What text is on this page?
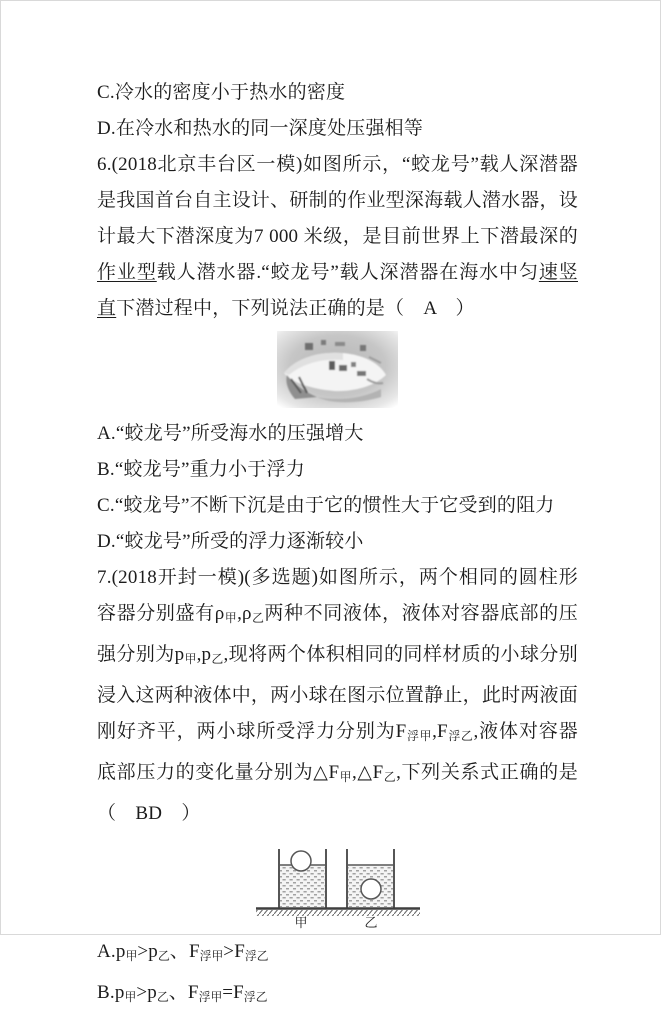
C.冷水的密度小于热水的密度

D.在冷水和热水的同一深度处压强相等

6.(2018北京丰台区一模)如图所示，“蛟龙号”载人深潜器是我国首台自主设计、研制的作业型深海载人潜水器，设计最大下潜深度为7 000 米级，是目前世界上下潜最深的作业型载人潜水器.“蛟龙号”载人深潜器在海水中匀速竖直下潜过程中，下列说法正确的是（　A　）

A.“蛟龙号”所受海水的压强增大

B.“蛟龙号”重力小于浮力

C.“蛟龙号”不断下沉是由于它的惯性大于它受到的阻力

D.“蛟龙号”所受的浮力逐渐较小

7.(2018开封一模)(多选题)如图所示，两个相同的圆柱形容器分别盛有$\rho_甲,\rho_乙$两种不同液体，液体对容器底部的压强分别为$p_甲,p_乙$,现将两个体积相同的同样材质的小球分别浸入这两种液体中，两小球在图示位置静止，此时两液面刚好齐平，两小球所受浮力分别为$F_{浮甲},F_{浮乙}$,液体对容器底部压力的变化量分别为$\triangle F_甲,\triangle F_乙$,下列关系式正确的是（　BD　）

甲	乙

$A.p_甲>p_乙$、$F_{浮甲}>F_{浮乙}$

$B.p_甲>p_乙$、$F_{浮甲}=F_{浮乙}$
